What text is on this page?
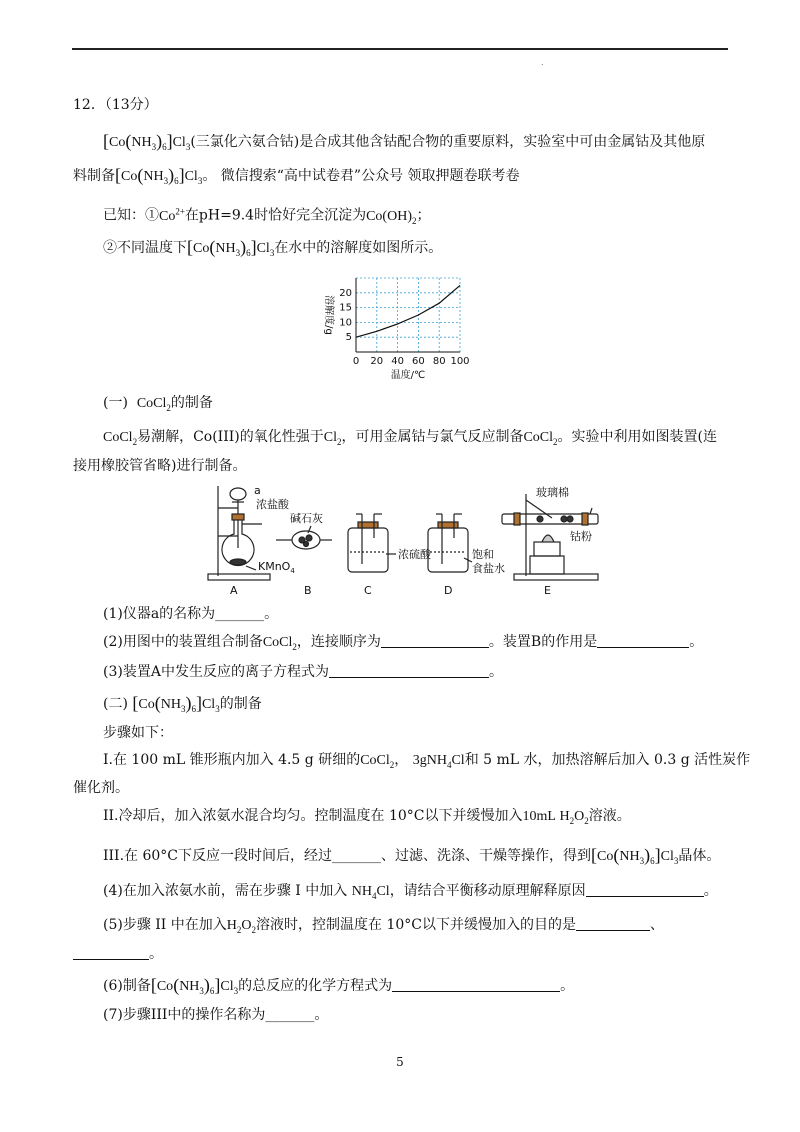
.
12．（13分）
$[Co(NH_3)_6]Cl_3$(三氯化六氨合钴)是合成其他含钴配合物的重要原料，实验室中可由金属钴及其他原
料制备$[Co(NH_3)_6]Cl_3$。 微信搜索“高中试卷君”公众号 领取押题卷联考卷
已知：$①Co^{2+}$在pH=9.4时恰好完全沉淀为$Co(OH)_2$；
②不同温度下$[Co(NH_3)_6]Cl_3$在水中的溶解度如图所示。
0 20 40 60 80 100
5
10
15
20
温度/℃
溶解度/g
(一) CoCl$_2$的制备
CoCl$_2$易潮解，Co(III)的氧化性强于$Cl_2$，可用金属钴与氯气反应制备CoCl$_2$。实验中利用如图装置(连
接用橡胶管省略)进行制备。
a
浓盐酸
KMnO$_4$
碱石灰
浓硫酸	饱和
食盐水
玻璃棉
钴粉
A	B	C	D	E
(1)仪器a的名称为_______。
(2)用图中的装置组合制备CoCl$_2$，连接顺序为	。装置B的作用是	。
(3)装置A中发生反应的离子方程式为	。
(二) $[Co(NH_3)_6]Cl_3$的制备
步骤如下：
I.在 100 mL 锥形瓶内加入 4.5 g 研细的CoCl$_2$， 3gNH$_4$Cl和 5 mL 水，加热溶解后加入 0.3 g 活性炭作
催化剂。
II.冷却后，加入浓氨水混合均匀。控制温度在 10°C以下并缓慢加入10mL $H_2O_2$溶液。
III.在 60°C下反应一段时间后，经过_______、过滤、洗涤、干燥等操作，得到$[Co(NH_3)_6]Cl_3$晶体。
(4)在加入浓氨水前，需在步骤 I 中加入 $NH_4Cl$，请结合平衡移动原理解释原因	。
(5)步骤 II 中在加入$H_2O_2$溶液时，控制温度在 10°C以下并缓慢加入的目的是	、
。
(6)制备$[Co(NH_3)_6]Cl_3$的总反应的化学方程式为	。
(7)步骤III中的操作名称为_______。
5
